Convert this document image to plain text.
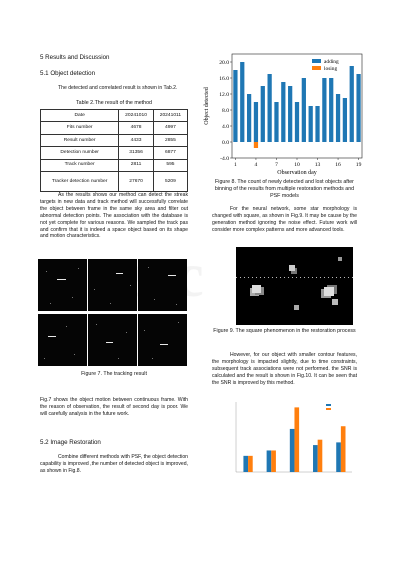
5 Results and Discussion
5.1 Object detection
The detected and correlated result is shown in Tab.2.
Table 2.The result of the method
Date	20241010	20241011
Fits number	4678	4997
Result number	4433	2855
Detection number	31356	6877
Track number	2811	595
Tracker detection number	27670	5209
As the results shows our method can detect the streak targets in new data and track method will successfully correlate the object between frame in the same sky area and filter out abnormal detection points. The association with the database is not yet complete for various reasons. We sampled the track pas and confirm that it is indeed a space object based on its shape and motion characteristics.
Figure 7. The tracking result
Fig.7 shows the object motion between continuous frame. With the reason of observation, the result of second day is poor. We will carefully analysis in the future work.
5.2 Image Restoration
Combine different methods with PSF, the object detection capability is improved ,the number of detected object is improved, as shown in Fig.8.
-4.0
0.0
4.0
8.0
12.0
16.0
20.0
1	4	7	10	13	16	19
Observation day
Object detected
adding
losing
Figure 8. The count of newly detected and lost objects after binning of the results from multiple restoration methods and PSF models
For the neural network, some star morphology is changed with square, as shown in Fig.9. It may be cause by the generation method ignoring the noise effect. Future work will consider more complex patterns and more advanced tools.
Figure 9. The square phenomenon in the restoration process
However, for our object with smaller contour features, the morphology is impacted slightly, due to time constraints, subsequent track associations were not performed. the SNR is calculated and the result is shown in Fig.10. It can be seen that the SNR is improved by this method.
